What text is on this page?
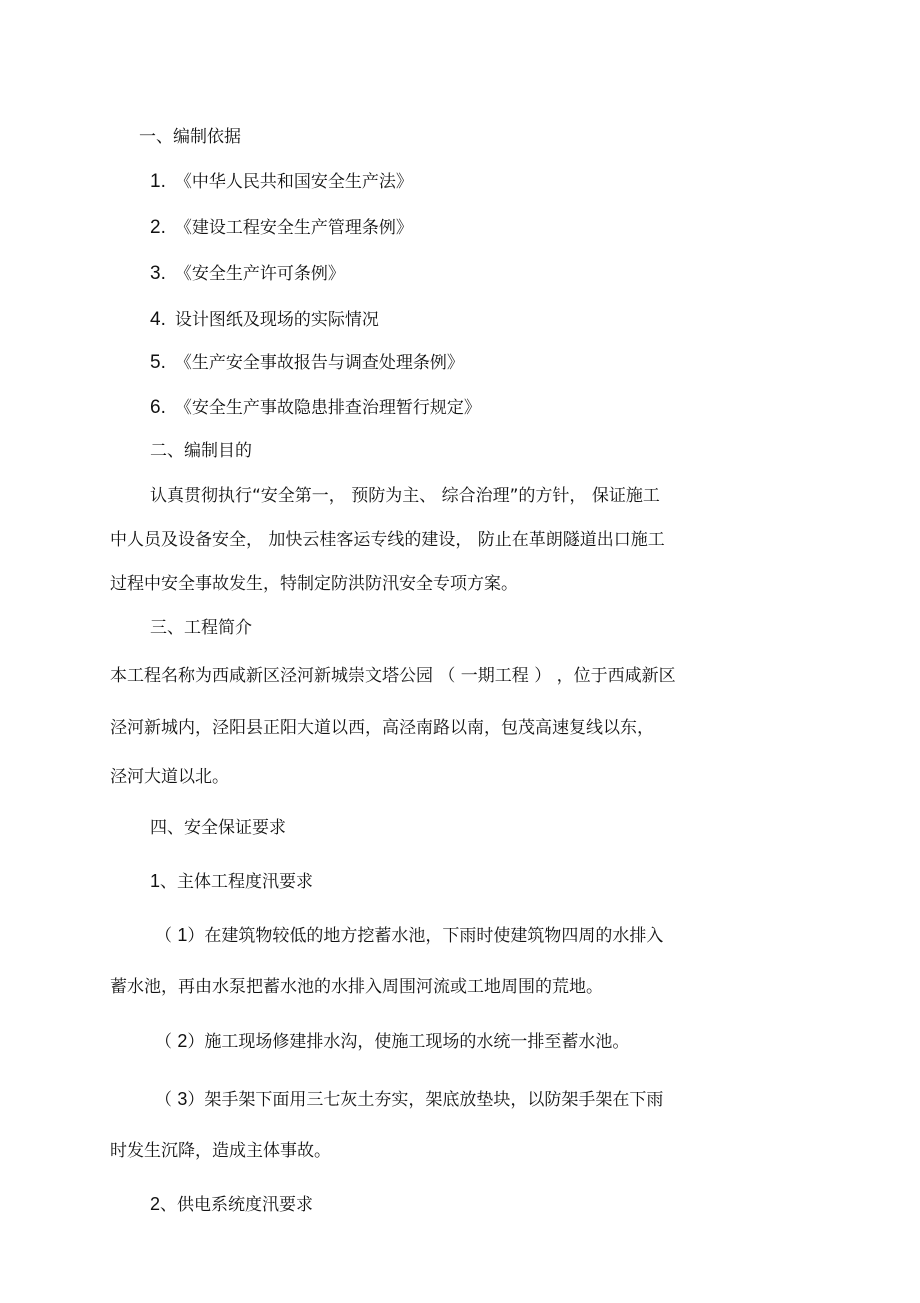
一、编制依据

1. 《中华人民共和国安全生产法》

2. 《建设工程安全生产管理条例》

3. 《安全生产许可条例》

4. 设计图纸及现场的实际情况

5. 《生产安全事故报告与调查处理条例》

6. 《安全生产事故隐患排查治理暂行规定》

二、编制目的

认真贯彻执行“安全第一， 预防为主、 综合治理”的方针， 保证施工

中人员及设备安全， 加快云桂客运专线的建设， 防止在革朗隧道出口施工

过程中安全事故发生，特制定防洪防汛安全专项方案。

三、工程简介

本工程名称为西咸新区泾河新城崇文塔公园 （ 一期工程 ） ，位于西咸新区

泾河新城内，泾阳县正阳大道以西，高泾南路以南，包茂高速复线以东，

泾河大道以北。

四、安全保证要求

1、主体工程度汛要求

（ 1）在建筑物较低的地方挖蓄水池，下雨时使建筑物四周的水排入

蓄水池，再由水泵把蓄水池的水排入周围河流或工地周围的荒地。

（ 2）施工现场修建排水沟，使施工现场的水统一排至蓄水池。

（ 3）架手架下面用三七灰土夯实，架底放垫块，以防架手架在下雨

时发生沉降，造成主体事故。

2、供电系统度汛要求
